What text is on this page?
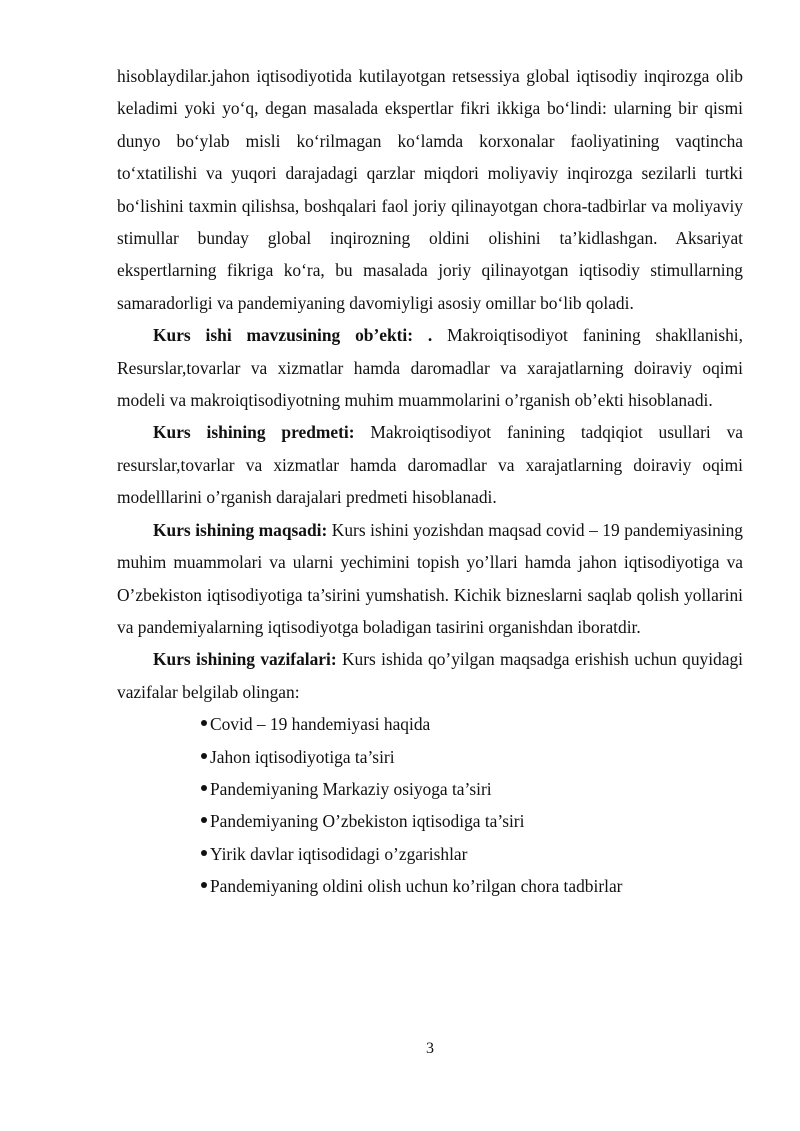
hisoblaydilar.jahon iqtisodiyotida kutilayotgan retsessiya global iqtisodiy inqirozga olib keladimi yoki yo‘q, degan masalada ekspertlar fikri ikkiga bo‘lindi: ularning bir qismi dunyo bo‘ylab misli ko‘rilmagan ko‘lamda korxonalar faoliyatining vaqtincha to‘xtatilishi va yuqori darajadagi qarzlar miqdori moliyaviy inqirozga sezilarli turtki bo‘lishini taxmin qilishsa, boshqalari faol joriy qilinayotgan chora-tadbirlar va moliyaviy stimullar bunday global inqirozning oldini olishini ta’kidlashgan. Aksariyat ekspertlarning fikriga ko‘ra, bu masalada joriy qilinayotgan iqtisodiy stimullarning samaradorligi va pandemiyaning davomiyligi asosiy omillar bo‘lib qoladi.

Kurs ishi mavzusining ob’ekti: . Makroiqtisodiyot fanining shakllanishi, Resurslar,tovarlar va xizmatlar hamda daromadlar va xarajatlarning doiraviy oqimi modeli va makroiqtisodiyotning muhim muammolarini o’rganish ob’ekti hisoblanadi.

Kurs ishining predmeti: Makroiqtisodiyot fanining tadqiqiot usullari va resurslar,tovarlar va xizmatlar hamda daromadlar va xarajatlarning doiraviy oqimi modelllarini o’rganish darajalari predmeti hisoblanadi.

Kurs ishining maqsadi: Kurs ishini yozishdan maqsad covid – 19 pandemiyasining muhim muammolari va ularni yechimini topish yo’llari hamda jahon iqtisodiyotiga va O’zbekiston iqtisodiyotiga ta’sirini yumshatish. Kichik bizneslarni saqlab qolish yollarini va pandemiyalarning iqtisodiyotga boladigan tasirini organishdan iboratdir.

Kurs ishining vazifalari: Kurs ishida qo’yilgan maqsadga erishish uchun quyidagi vazifalar belgilab olingan:

Covid – 19 handemiyasi haqida
Jahon iqtisodiyotiga ta’siri
Pandemiyaning Markaziy osiyoga ta’siri
Pandemiyaning O’zbekiston iqtisodiga ta’siri
Yirik davlar iqtisodidagi o’zgarishlar
Pandemiyaning oldini olish uchun ko’rilgan chora tadbirlar
3
